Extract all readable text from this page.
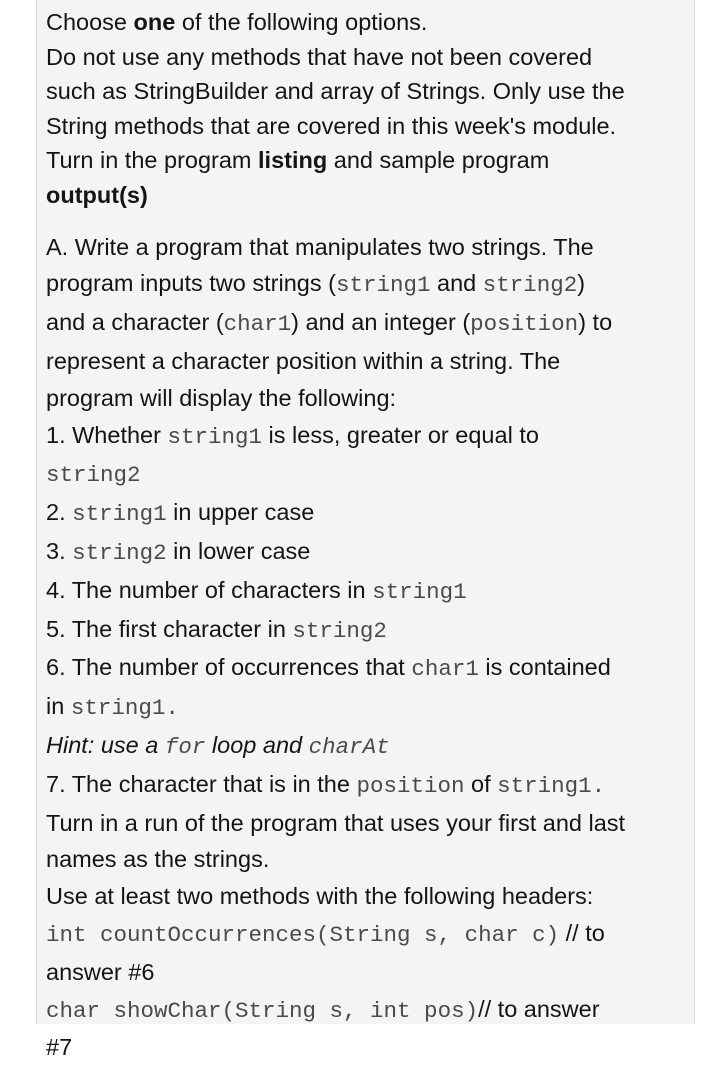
Choose one of the following options.
Do not use any methods that have not been covered
such as StringBuilder and array of Strings. Only use the
String methods that are covered in this week's module.
Turn in the program listing and sample program
output(s)
A. Write a program that manipulates two strings. The
program inputs two strings (string1 and string2)
and a character (char1) and an integer (position) to
represent a character position within a string. The
program will display the following:
1. Whether string1 is less, greater or equal to
string2
2. string1 in upper case
3. string2 in lower case
4. The number of characters in string1
5. The first character in string2
6. The number of occurrences that char1 is contained
in string1.
Hint: use a for loop and charAt
7. The character that is in the position of string1.
Turn in a run of the program that uses your first and last
names as the strings.
Use at least two methods with the following headers:
int countOccurrences(String s, char c) // to
answer #6
char showChar(String s, int pos)// to answer
#7
